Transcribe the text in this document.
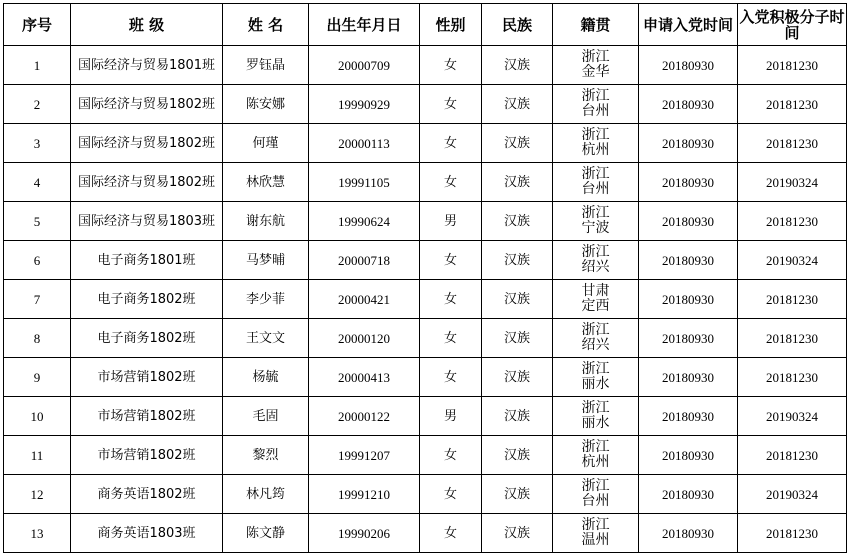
序号	班 级	姓 名	出生年月日	性别	民族	籍贯	申请入党时间	入党积极分子时间
1	国际经济与贸易1801班	罗钰晶	20000709	女	汉族	浙江金华	20180930	20181230
2	国际经济与贸易1802班	陈安娜	19990929	女	汉族	浙江台州	20180930	20181230
3	国际经济与贸易1802班	何瑾	20000113	女	汉族	浙江杭州	20180930	20181230
4	国际经济与贸易1802班	林欣慧	19991105	女	汉族	浙江台州	20180930	20190324
5	国际经济与贸易1803班	谢东航	19990624	男	汉族	浙江宁波	20180930	20181230
6	电子商务1801班	马梦晡	20000718	女	汉族	浙江绍兴	20180930	20190324
7	电子商务1802班	李少菲	20000421	女	汉族	甘肃定西	20180930	20181230
8	电子商务1802班	王文文	20000120	女	汉族	浙江绍兴	20180930	20181230
9	市场营销1802班	杨毓	20000413	女	汉族	浙江丽水	20180930	20181230
10	市场营销1802班	毛固	20000122	男	汉族	浙江丽水	20180930	20190324
11	市场营销1802班	黎烈	19991207	女	汉族	浙江杭州	20180930	20181230
12	商务英语1802班	林凡筠	19991210	女	汉族	浙江台州	20180930	20190324
13	商务英语1803班	陈文静	19990206	女	汉族	浙江温州	20180930	20181230
